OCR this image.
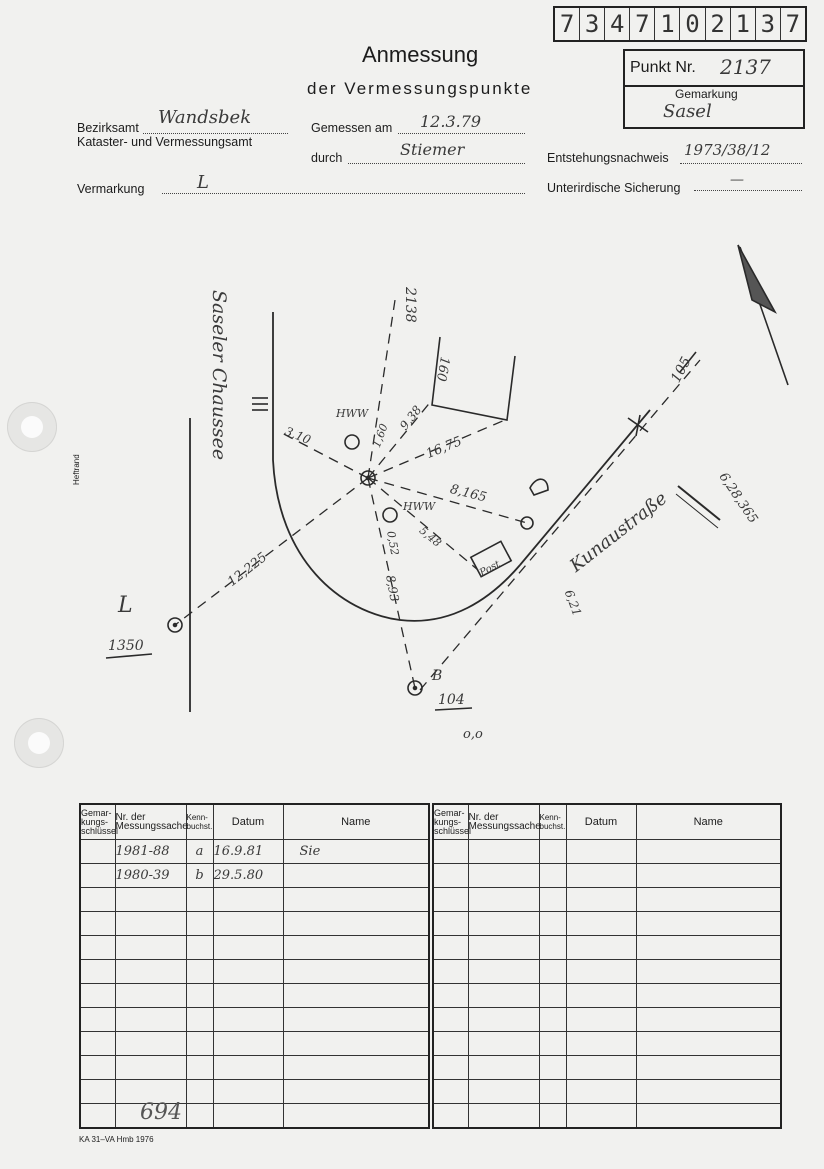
7 3 4 7 1 0 2 1 3 7
Anmessung
der Vermessungspunkte
Punkt Nr. 2137
Gemarkung
Sasel
Bezirksamt Wandsbek
Kataster- und Vermessungsamt
Gemessen am 12.3.79
durch	Stiemer	Entstehungsnachweis 1973/38/12
Vermarkung	L	Unterirdische Sicherung	—
Heftrand
Saseler Chaussee
Kunaustraße
HWW
HWW
Post
160
L
1350
B
104
o,o
2138
105
3,10
9,38
1,60	16,75
8,165
5,48
12,225	8,93
0,52
6,21
6,28,365
Gemar-kungs-schlüssel	Nr. der Messungssache	Kenn-buchst.	Datum	Name
	1981-88	a	16.9.81	Sie
	1980-39	b	29.5.80	

Gemar-kungs-schlüssel	Nr. der Messungssache	Kenn-buchst.	Datum	Name

694
KA 31–VA Hmb 1976
